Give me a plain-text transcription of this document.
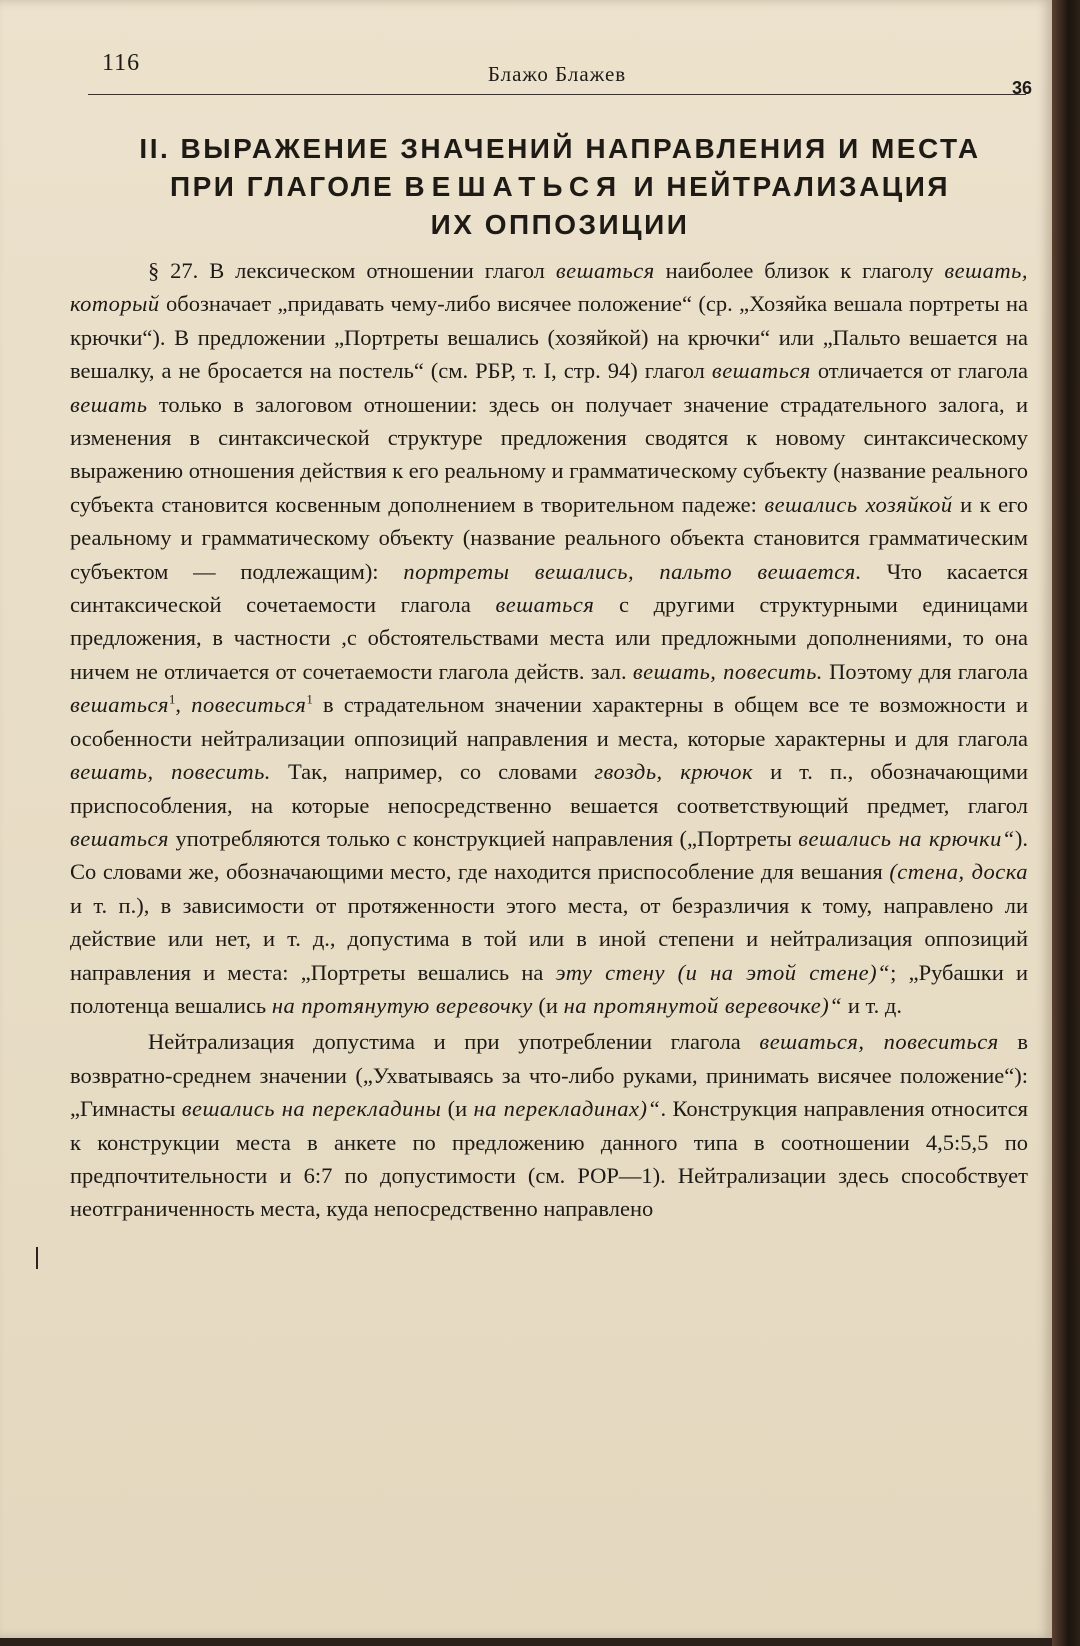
116	Блажо Блажев
36
II. ВЫРАЖЕНИЕ ЗНАЧЕНИЙ НАПРАВЛЕНИЯ И МЕСТА
ПРИ ГЛАГОЛЕ ВЕШАТЬСЯ И НЕЙТРАЛИЗАЦИЯ
ИХ ОППОЗИЦИИ

§ 27. В лексическом отношении глагол вешаться наиболее близок к глаголу вешать, который обозначает „придавать чему-либо висячее положение“ (ср. „Хозяйка вешала портреты на крючки“). В предложении „Портреты вешались (хозяйкой) на крючки“ или „Пальто вешается на вешалку, а не бросается на постель“ (см. РБР, т. I, стр. 94) глагол вешаться отличается от глагола вешать только в залоговом отношении: здесь он получает значение страдательного залога, и изменения в синтаксической структуре предложения сводятся к новому синтаксическому выражению отношения действия к его реальному и грамматическому субъекту (название реального субъекта становится косвенным дополнением в творительном падеже: вешались хозяйкой и к его реальному и грамматическому объекту (название реального объекта становится грамматическим субъектом — подлежащим): портреты вешались, пальто вешается. Что касается синтаксической сочетаемости глагола вешаться с другими структурными единицами предложения, в частности ,с обстоятельствами места или предложными дополнениями, то она ничем не отличается от сочетаемости глагола действ. зал. вешать, повесить. Поэтому для глагола вешаться$^1$, повеситься$^1$ в страдательном значении характерны в общем все те возможности и особенности нейтрализации оппозиций направления и места, которые характерны и для глагола вешать, повесить. Так, например, со словами гвоздь, крючок и т. п., обозначающими приспособления, на которые непосредственно вешается соответствующий предмет, глагол вешаться употребляются только с конструкцией направления („Портреты вешались на крючки“). Со словами же, обозначающими место, где находится приспособление для вешания (стена, доска и т. п.), в зависимости от протяженности этого места, от безразличия к тому, направлено ли действие или нет, и т. д., допустима в той или в иной степени и нейтрализация оппозиций направления и места: „Портреты вешались на эту стену (и на этой стене)“; „Рубашки и полотенца вешались на протянутую веревочку (и на протянутой веревочке)“ и т. д.

Нейтрализация допустима и при употреблении глагола вешаться, повеситься в возвратно-среднем значении („Ухватываясь за что-либо руками, принимать висячее положение“): „Гимнасты вешались на перекладины (и на перекладинах)“. Конструкция направления относится к конструкции места в анкете по предложению данного типа в соотношении 4,5:5,5 по предпочтительности и 6:7 по допустимости (см. РОР—1). Нейтрализации здесь способствует неотграниченность места, куда непосредственно направлено
